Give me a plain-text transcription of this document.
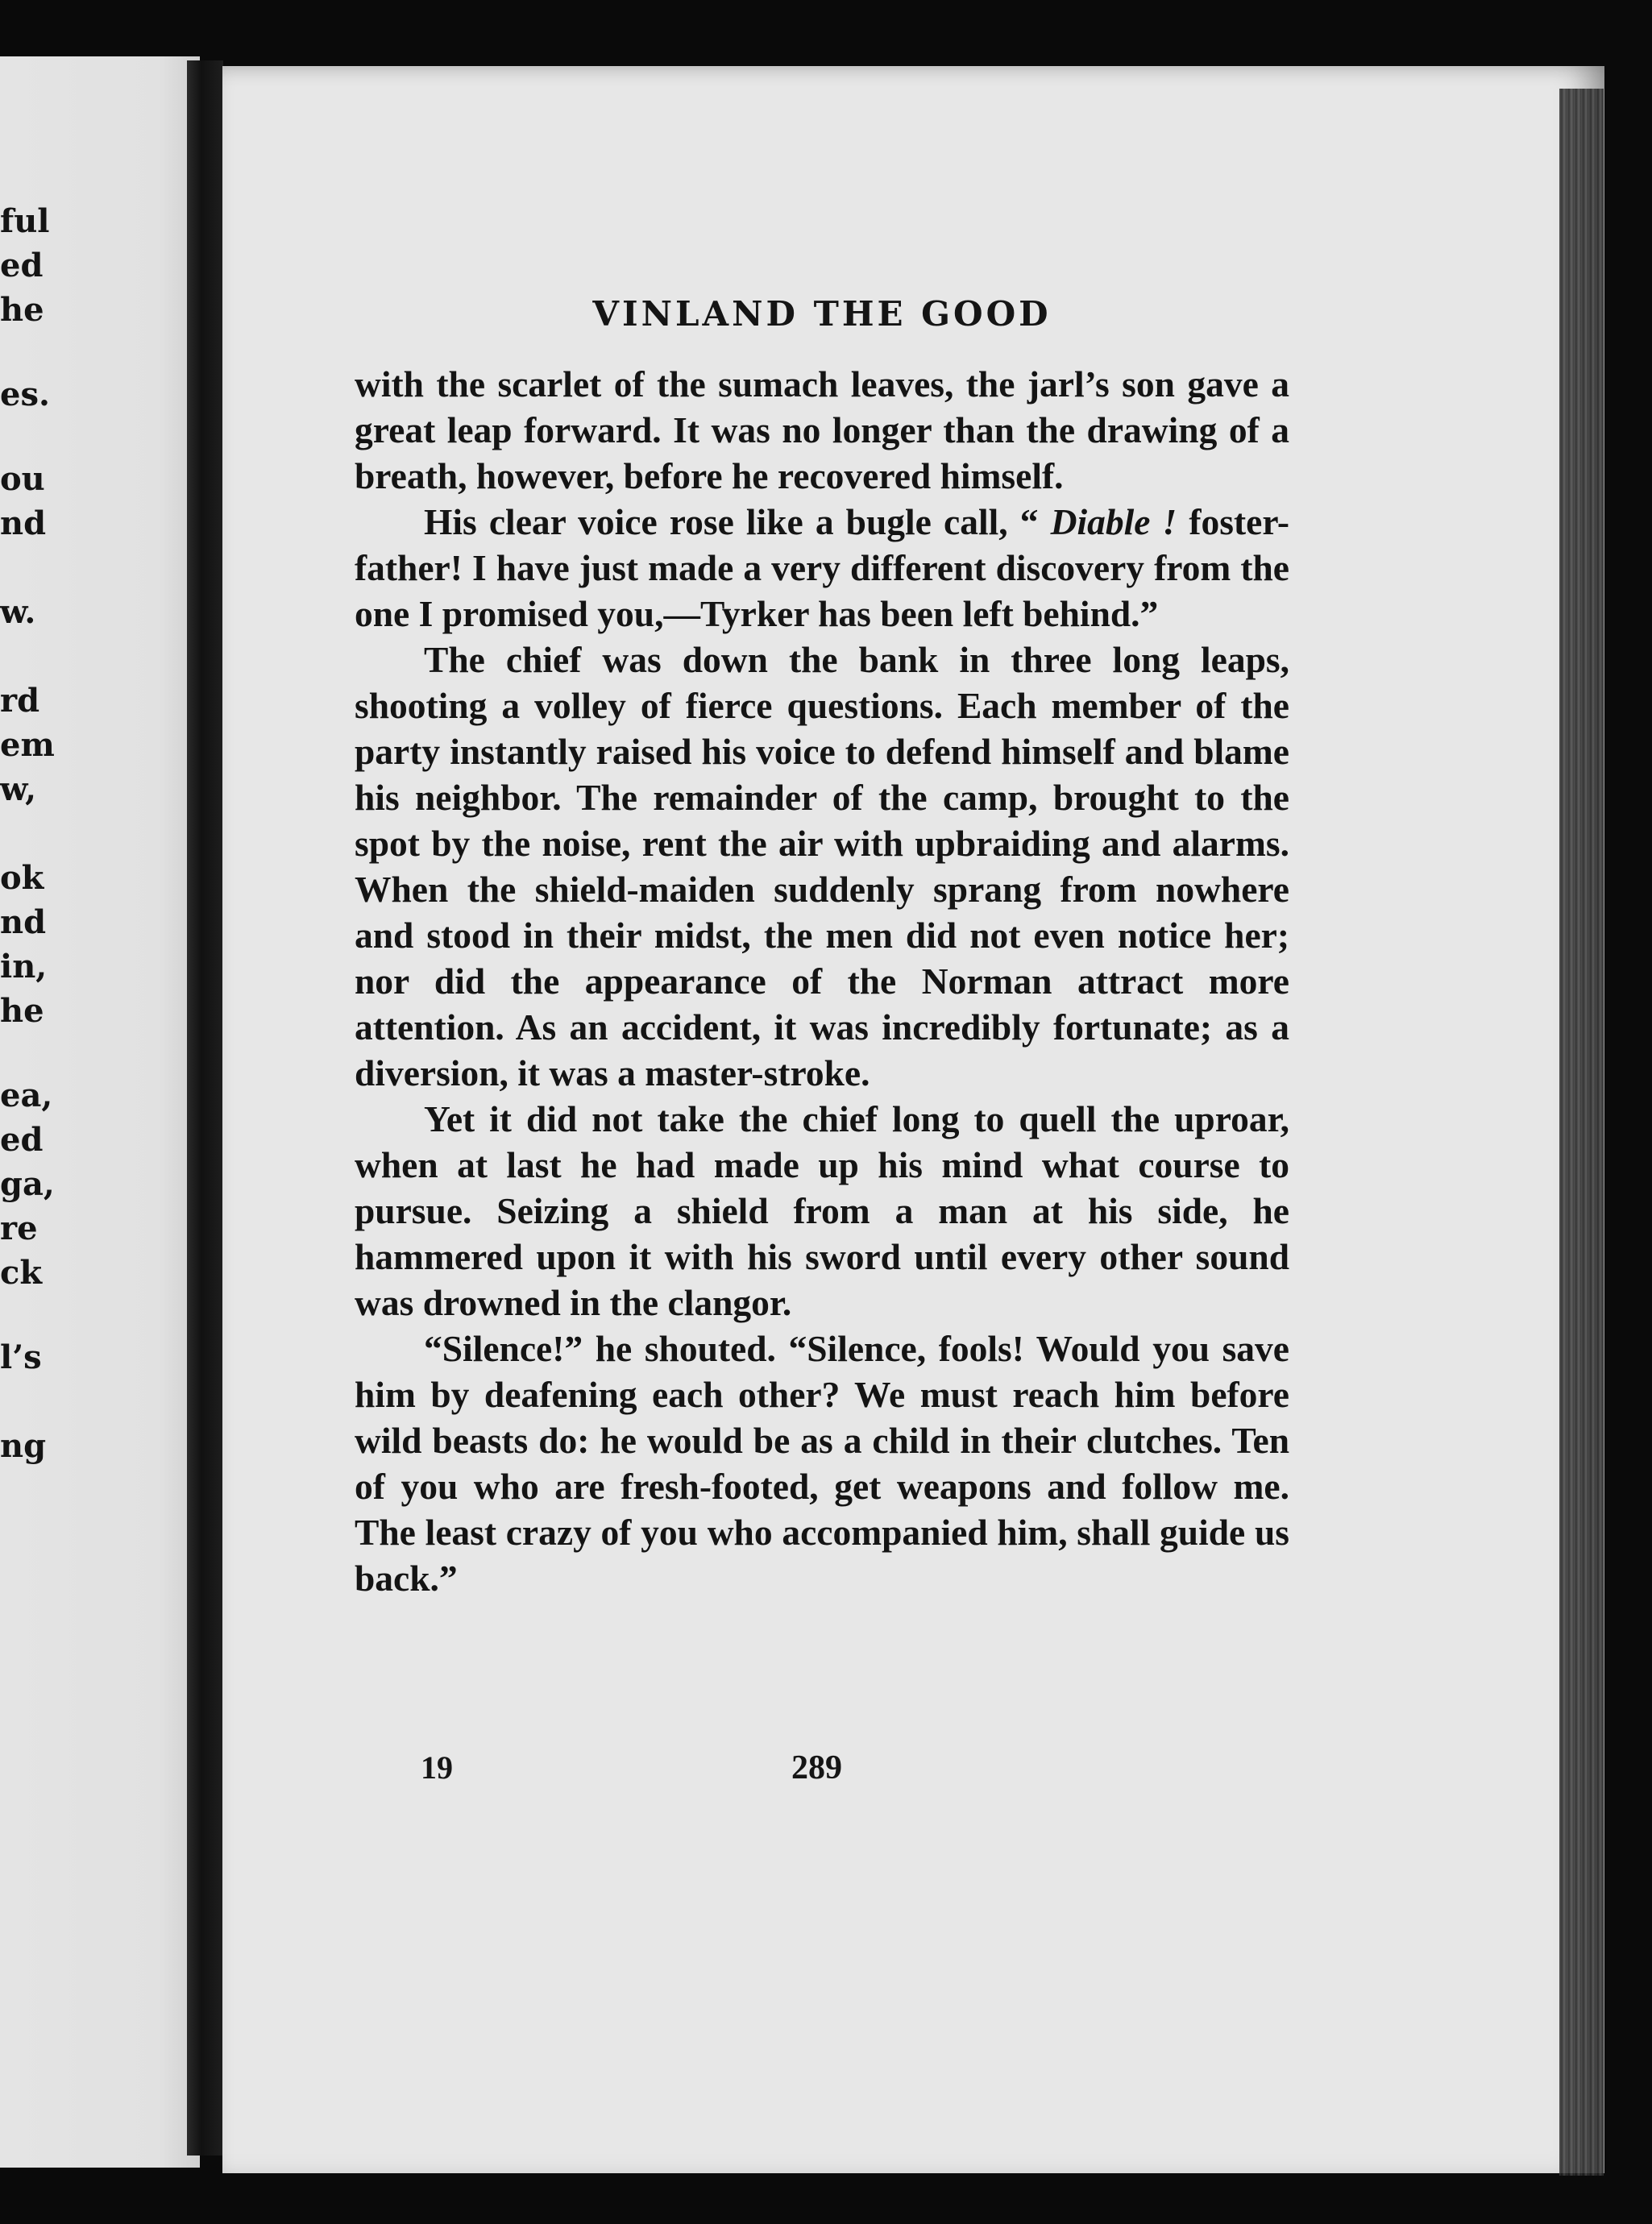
ful
ed
he
es.
ou
nd
w.
rd
em
w,
ok
nd
in,
he
ea,
ed
ga,
re
ck
l’s
ng
VINLAND THE GOOD

with the scarlet of the sumach leaves, the jarl’s son gave a great leap forward. It was no longer than the drawing of a breath, however, before he recovered himself.

His clear voice rose like a bugle call, “ Diable ! foster-father! I have just made a very different discovery from the one I promised you,—Tyrker has been left behind.”

The chief was down the bank in three long leaps, shooting a volley of fierce questions. Each member of the party instantly raised his voice to defend himself and blame his neighbor. The remainder of the camp, brought to the spot by the noise, rent the air with upbraiding and alarms. When the shield-maiden suddenly sprang from nowhere and stood in their midst, the men did not even notice her; nor did the appearance of the Norman attract more attention. As an accident, it was incredibly fortunate; as a diversion, it was a master-stroke.

Yet it did not take the chief long to quell the uproar, when at last he had made up his mind what course to pursue. Seizing a shield from a man at his side, he hammered upon it with his sword until every other sound was drowned in the clangor.

“Silence!” he shouted. “Silence, fools! Would you save him by deafening each other? We must reach him before wild beasts do: he would be as a child in their clutches. Ten of you who are fresh-footed, get weapons and follow me. The least crazy of you who accompanied him, shall guide us back.”

19	289
